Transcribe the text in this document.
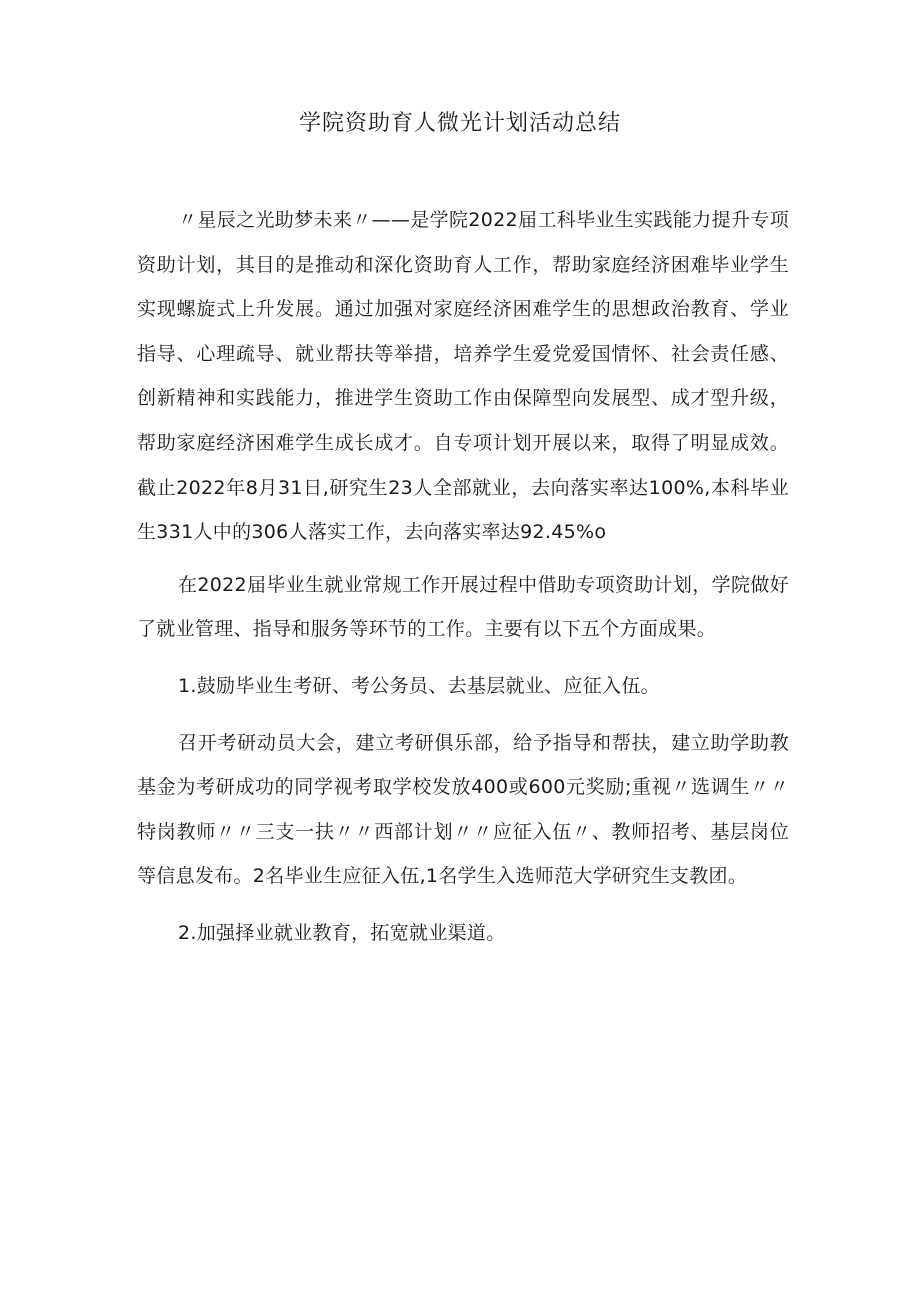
学院资助育人微光计划活动总结

〃星辰之光助梦未来〃——是学院2022届工科毕业生实践能力提升专项资助计划，其目的是推动和深化资助育人工作，帮助家庭经济困难毕业学生实现螺旋式上升发展。通过加强对家庭经济困难学生的思想政治教育、学业指导、心理疏导、就业帮扶等举措，培养学生爱党爱国情怀、社会责任感、创新精神和实践能力，推进学生资助工作由保障型向发展型、成才型升级，帮助家庭经济困难学生成长成才。自专项计划开展以来，取得了明显成效。截止2022年8月31日,研究生23人全部就业，去向落实率达100%,本科毕业生331人中的306人落实工作，去向落实率达92.45%o

在2022届毕业生就业常规工作开展过程中借助专项资助计划，学院做好了就业管理、指导和服务等环节的工作。主要有以下五个方面成果。

1.鼓励毕业生考研、考公务员、去基层就业、应征入伍。

召开考研动员大会，建立考研俱乐部，给予指导和帮扶，建立助学助教基金为考研成功的同学视考取学校发放400或600元奖励;重视〃选调生〃〃特岗教师〃〃三支一扶〃〃西部计划〃〃应征入伍〃、教师招考、基层岗位等信息发布。2名毕业生应征入伍,1名学生入选师范大学研究生支教团。

2.加强择业就业教育，拓宽就业渠道。
